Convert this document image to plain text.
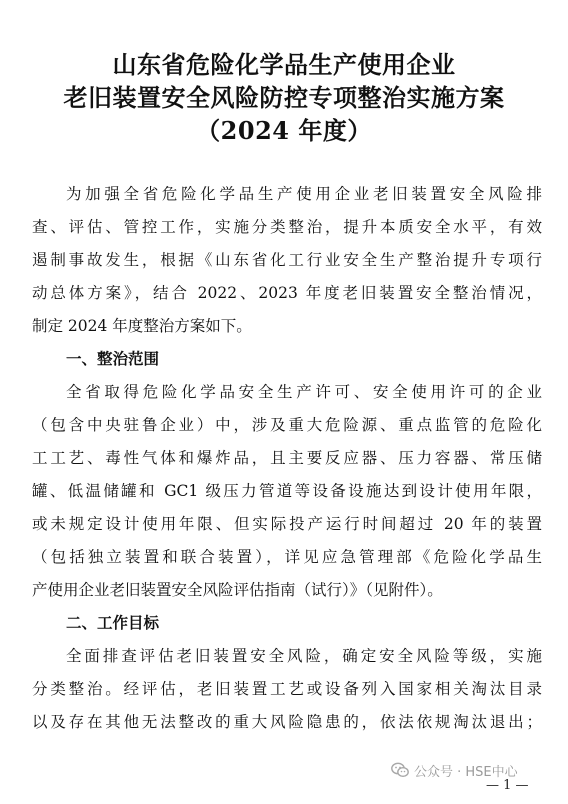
山东省危险化学品生产使用企业
老旧装置安全风险防控专项整治实施方案
（2024 年度）
为加强全省危险化学品生产使用企业老旧装置安全风险排
查、评估、管控工作，实施分类整治，提升本质安全水平，有效
遏制事故发生，根据《山东省化工行业安全生产整治提升专项行
动总体方案》，结合 2022、2023 年度老旧装置安全整治情况，
制定 2024 年度整治方案如下。
一、整治范围
全省取得危险化学品安全生产许可、安全使用许可的企业
（包含中央驻鲁企业）中，涉及重大危险源、重点监管的危险化
工工艺、毒性气体和爆炸品，且主要反应器、压力容器、常压储
罐、低温储罐和 GC1 级压力管道等设备设施达到设计使用年限，
或未规定设计使用年限、但实际投产运行时间超过 20 年的装置
（包括独立装置和联合装置），详见应急管理部《危险化学品生
产使用企业老旧装置安全风险评估指南（试行）》（见附件）。
二、工作目标
全面排查评估老旧装置安全风险，确定安全风险等级，实施
分类整治。经评估，老旧装置工艺或设备列入国家相关淘汰目录
以及存在其他无法整改的重大风险隐患的，依法依规淘汰退出；
公众号 · HSE中心
— 1 —
